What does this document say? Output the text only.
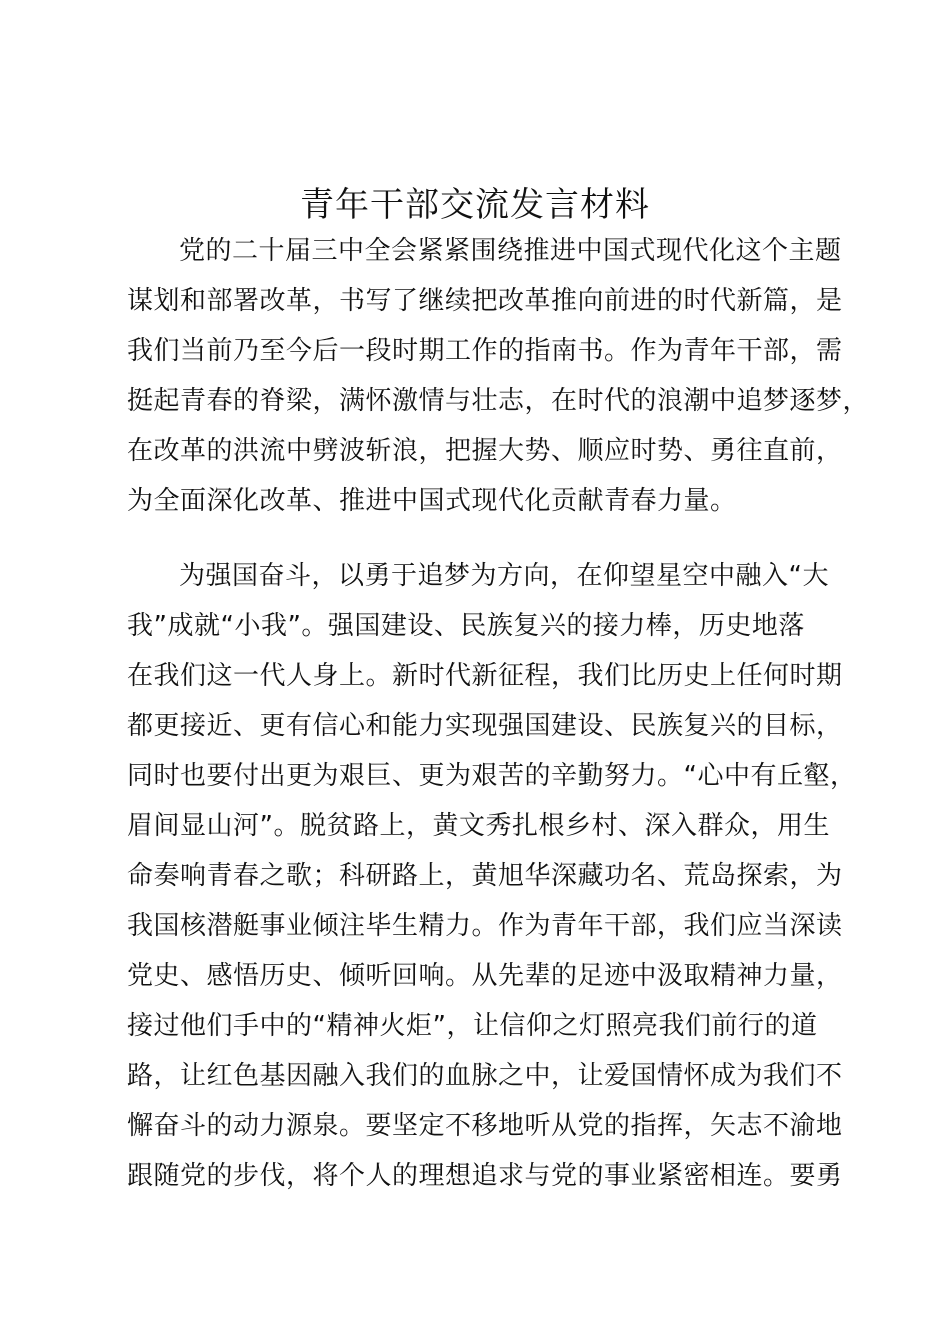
青年干部交流发言材料
党的二十届三中全会紧紧围绕推进中国式现代化这个主题
谋划和部署改革，书写了继续把改革推向前进的时代新篇，是
我们当前乃至今后一段时期工作的指南书。作为青年干部，需
挺起青春的脊梁，满怀激情与壮志，在时代的浪潮中追梦逐梦，
在改革的洪流中劈波斩浪，把握大势、顺应时势、勇往直前，
为全面深化改革、推进中国式现代化贡献青春力量。
为强国奋斗，以勇于追梦为方向，在仰望星空中融入“大
我”成就“小我”。强国建设、民族复兴的接力棒，历史地落
在我们这一代人身上。新时代新征程，我们比历史上任何时期
都更接近、更有信心和能力实现强国建设、民族复兴的目标，
同时也要付出更为艰巨、更为艰苦的辛勤努力。“心中有丘壑，
眉间显山河”。脱贫路上，黄文秀扎根乡村、深入群众，用生
命奏响青春之歌；科研路上，黄旭华深藏功名、荒岛探索，为
我国核潜艇事业倾注毕生精力。作为青年干部，我们应当深读
党史、感悟历史、倾听回响。从先辈的足迹中汲取精神力量，
接过他们手中的“精神火炬”，让信仰之灯照亮我们前行的道
路，让红色基因融入我们的血脉之中，让爱国情怀成为我们不
懈奋斗的动力源泉。要坚定不移地听从党的指挥，矢志不渝地
跟随党的步伐，将个人的理想追求与党的事业紧密相连。要勇
